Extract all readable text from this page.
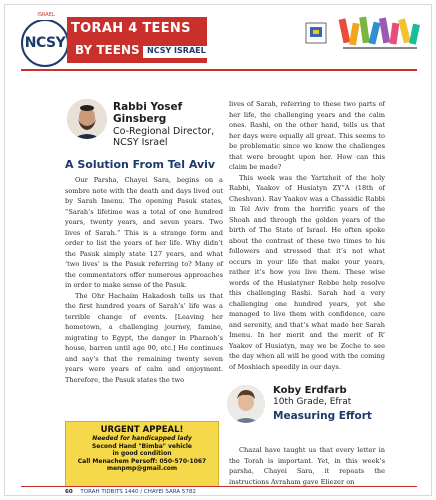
NCSY
ISRAEL
TORAH 4 TEENS
BY TEENS NCSY ISRAEL
Rabbi Yosef Ginsberg
Co-Regional Director, NCSY Israel
A Solution From Tel Aviv

Our Parsha, Chayei Sara, begins on a sombre note with the death and days lived out by Sarah Imenu. The opening Pasuk states, “Sarah’s lifetime was a total of one hundred years, twenty years, and seven years. Two lives of Sarah.” This is a strange form and order to list the years of her life. Why didn’t the Pasuk simply state 127 years, and what ‘two lives’ is the Pasuk referring to? Many of the commentators offer numerous approaches in order to make sense of the Pasuk.

The Ohr Hachaim Hakadosh tells us that the first hundred years of Sarah’s’ life was a terrible change of events. [Leaving her hometown, a challenging journey, famine, migrating to Egypt, the danger in Pharaoh’s house, barren until age 90, etc.] He continues and say’s that the remaining twenty seven years were years of calm and enjoyment. Therefore, the Pasuk states the two

lives of Sarah, referring to these two parts of her life, the challenging years and the calm ones. Rashi, on the other hand, tells us that her days were equally all great. This seems to be problematic since we know the challenges that were brought upon her. How can this claim be made?

This week was the Yartzheit of the holy Rabbi, Yaakov of Husiatyn ZY”A (18th of Cheshvan). Rav Yaakov was a Chassidic Rabbi in Tel Aviv from the horrific years of the Shoah and through the golden years of the birth of The State of Israel. He often spoke about the contrast of these two times to his followers and stressed that it’s not what occurs in your life that make your years, rather it’s how you live them. These wise words of the Husiatyner Rebbe help resolve this challenging Rashi. Sarah had a very challenging one hundred years, yet she managed to live them with confidence, care and serenity, and that’s what made her Sarah Imenu. In her merit and the merit of R’ Yaakov of Husiatyn, may we be Zoche to see the day when all will be good with the coming of Moshiach speedily in our days.

URGENT APPEAL!
Needed for handicapped lady
Second Hand "Bimba" vehicle
in good condition
Call Menachem Persoff: 050-570-1067
menpmp@gmail.com
Koby Erdfarb
10th Grade, Efrat
Measuring Effort

Chazal have taught us that every letter in the Torah is important. Yet, in this week’s parsha, Chayei Sara, it repeats the instructions Avraham gave Eliezer on

60 TORAH TIDBITS 1440 / CHAYEI SARA 5782
